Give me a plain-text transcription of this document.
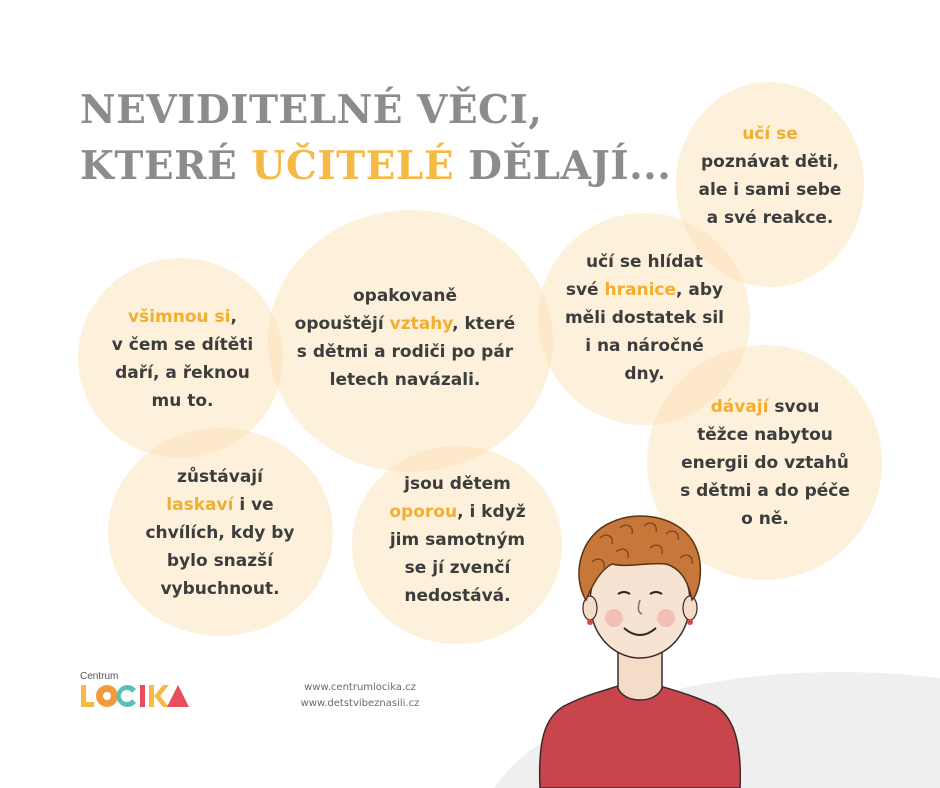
NEVIDITELNÉ VĚCI,
KTERÉ UČITELÉ DĚLAJÍ...
všimnou si,
v čem se dítěti
daří, a řeknou
mu to.
opakovaně
opouštějí vztahy, které
s dětmi a rodiči po pár
letech navázali.
učí se hlídat
své hranice, aby
měli dostatek sil
i na náročné
dny.
učí se
poznávat děti,
ale i sami sebe
a své reakce.
dávají svou
těžce nabytou
energii do vztahů
s dětmi a do péče
o ně.
zůstávají
laskaví i ve
chvílích, kdy by
bylo snazší
vybuchnout.
jsou dětem
oporou, i když
jim samotným
se jí zvenčí
nedostává.
Centrum
www.centrumlocika.cz
www.detstvibeznasili.cz
